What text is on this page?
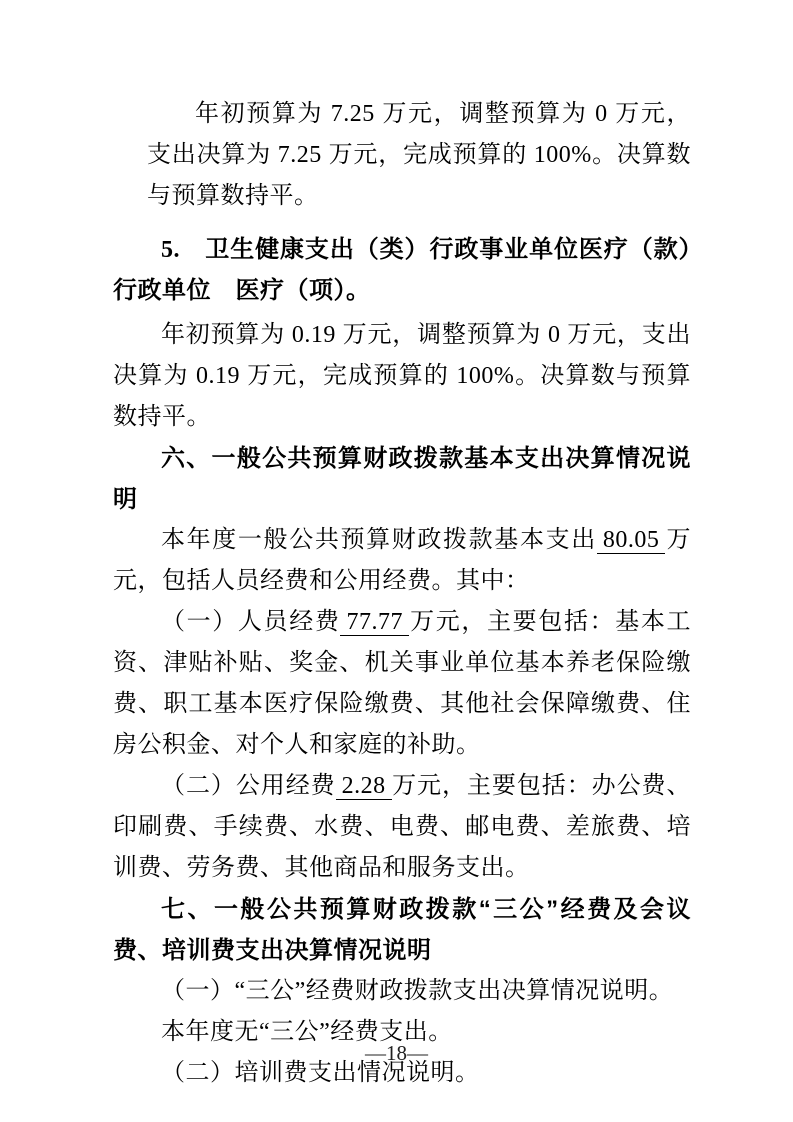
年初预算为 7.25 万元，调整预算为 0 万元，支出决算为 7.25 万元，完成预算的 100%。决算数与预算数持平。

5.　卫生健康支出（类）行政事业单位医疗（款）行政单位　医疗（项）。

年初预算为 0.19 万元，调整预算为 0 万元，支出决算为 0.19 万元，完成预算的 100%。决算数与预算数持平。

六、一般公共预算财政拨款基本支出决算情况说明

本年度一般公共预算财政拨款基本支出 80.05 万元，包括人员经费和公用经费。其中：

（一）人员经费 77.77 万元，主要包括：基本工资、津贴补贴、奖金、机关事业单位基本养老保险缴费、职工基本医疗保险缴费、其他社会保障缴费、住房公积金、对个人和家庭的补助。

（二）公用经费 2.28 万元，主要包括：办公费、印刷费、手续费、水费、电费、邮电费、差旅费、培训费、劳务费、其他商品和服务支出。

七、一般公共预算财政拨款“三公”经费及会议费、培训费支出决算情况说明

（一）“三公”经费财政拨款支出决算情况说明。

本年度无“三公”经费支出。

（二）培训费支出情况说明。

—18—
